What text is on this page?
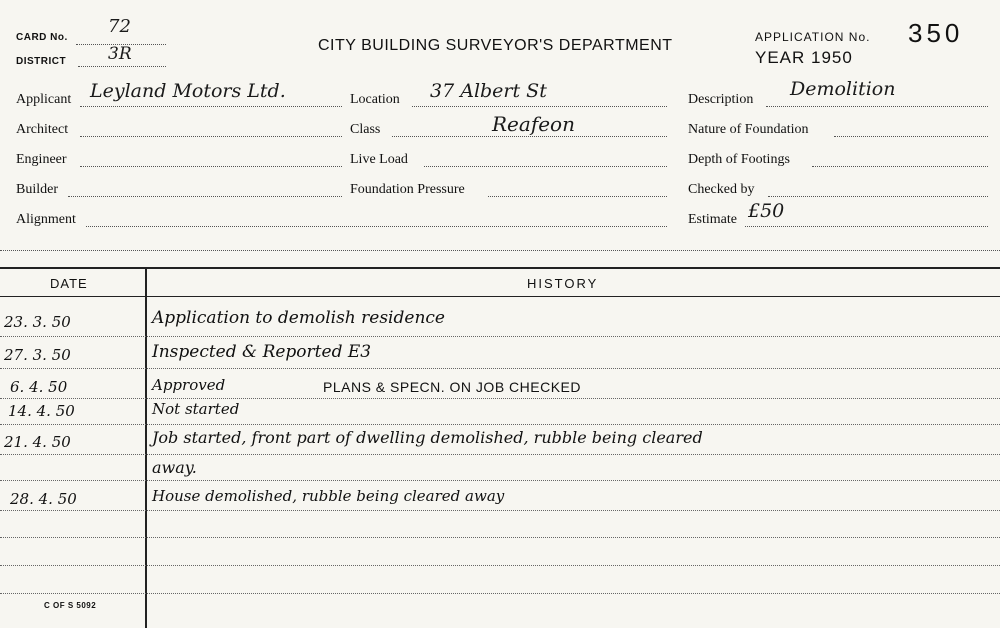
CARD No.
72
DISTRICT 3R	CITY BUILDING SURVEYOR'S DEPARTMENT	APPLICATION No. 350
YEAR 1950
Applicant Leyland Motors Ltd.	Location 37 Albert St	Description Demolition
Architect	Class	Reafeon	Nature of Foundation
Engineer	Live Load	Depth of Footings
Builder	Foundation Pressure	Checked by
Alignment	Estimate £50
DATE	HISTORY
23. 3. 50	Application to demolish residence
27. 3. 50	Inspected & Reported E3
6. 4. 50	Approved	PLANS & SPECN. ON JOB CHECKED
14. 4. 50	Not started
21. 4. 50	Job started, front part of dwelling demolished, rubble being cleared
away.
28. 4. 50	House demolished, rubble being cleared away
C OF S 5092
